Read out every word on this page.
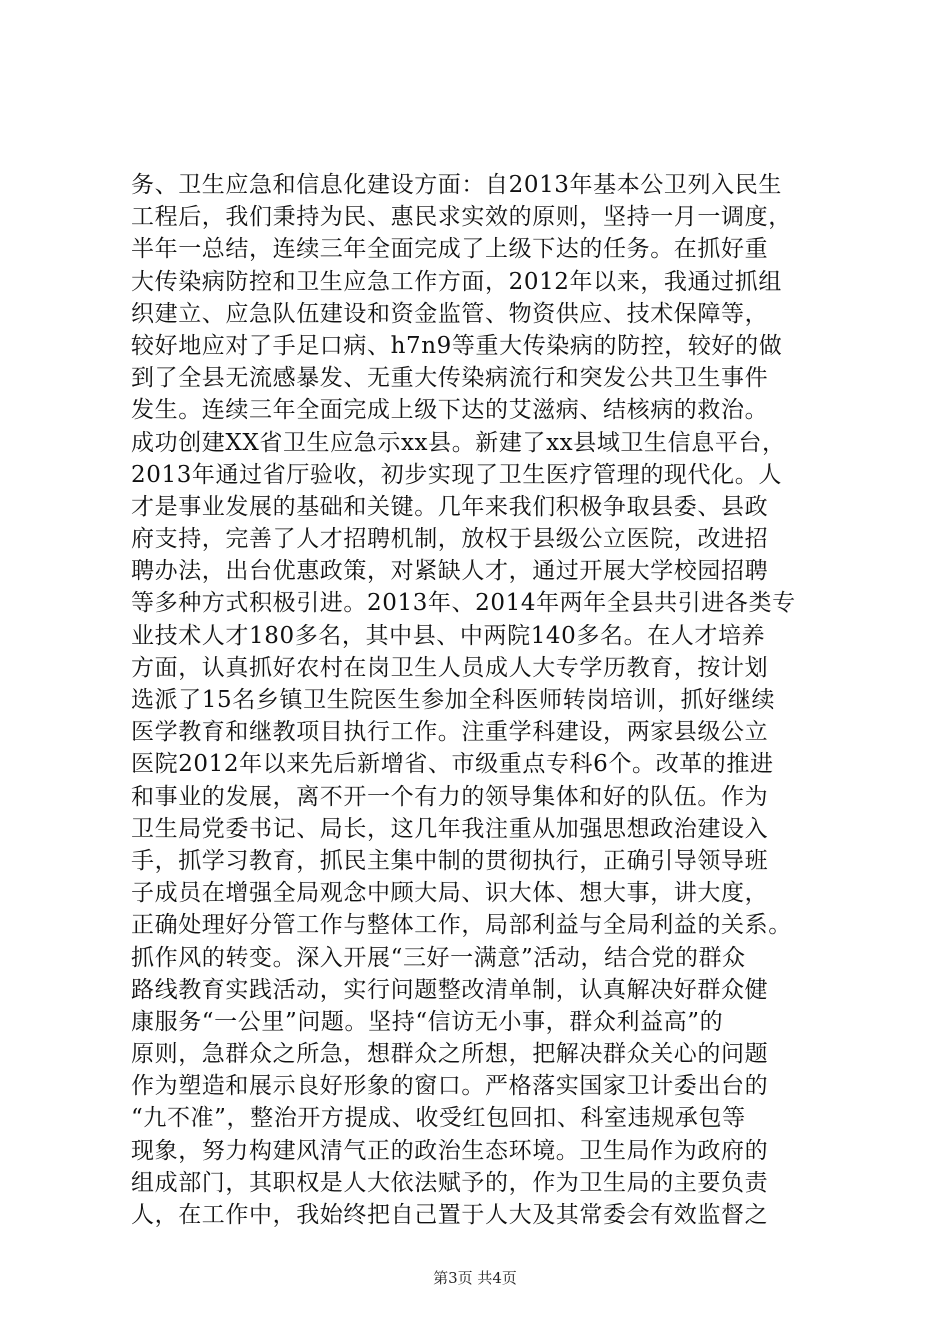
务、卫生应急和信息化建设方面：自2013年基本公卫列入民生
工程后，我们秉持为民、惠民求实效的原则，坚持一月一调度，
半年一总结，连续三年全面完成了上级下达的任务。在抓好重
大传染病防控和卫生应急工作方面，2012年以来，我通过抓组
织建立、应急队伍建设和资金监管、物资供应、技术保障等，
较好地应对了手足口病、h7n9等重大传染病的防控，较好的做
到了全县无流感暴发、无重大传染病流行和突发公共卫生事件
发生。连续三年全面完成上级下达的艾滋病、结核病的救治。
成功创建XX省卫生应急示xx县。新建了xx县域卫生信息平台，
2013年通过省厅验收，初步实现了卫生医疗管理的现代化。人
才是事业发展的基础和关键。几年来我们积极争取县委、县政
府支持，完善了人才招聘机制，放权于县级公立医院，改进招
聘办法，出台优惠政策，对紧缺人才，通过开展大学校园招聘
等多种方式积极引进。2013年、2014年两年全县共引进各类专
业技术人才180多名，其中县、中两院140多名。在人才培养
方面，认真抓好农村在岗卫生人员成人大专学历教育，按计划
选派了15名乡镇卫生院医生参加全科医师转岗培训，抓好继续
医学教育和继教项目执行工作。注重学科建设，两家县级公立
医院2012年以来先后新增省、市级重点专科6个。改革的推进
和事业的发展，离不开一个有力的领导集体和好的队伍。作为
卫生局党委书记、局长，这几年我注重从加强思想政治建设入
手，抓学习教育，抓民主集中制的贯彻执行，正确引导领导班
子成员在增强全局观念中顾大局、识大体、想大事，讲大度，
正确处理好分管工作与整体工作，局部利益与全局利益的关系。
抓作风的转变。深入开展“三好一满意”活动，结合党的群众
路线教育实践活动，实行问题整改清单制，认真解决好群众健
康服务“一公里”问题。坚持“信访无小事，群众利益高”的
原则，急群众之所急，想群众之所想，把解决群众关心的问题
作为塑造和展示良好形象的窗口。严格落实国家卫计委出台的
“九不准”，整治开方提成、收受红包回扣、科室违规承包等
现象，努力构建风清气正的政治生态环境。卫生局作为政府的
组成部门，其职权是人大依法赋予的，作为卫生局的主要负责
人，在工作中，我始终把自己置于人大及其常委会有效监督之
第3页 共4页
